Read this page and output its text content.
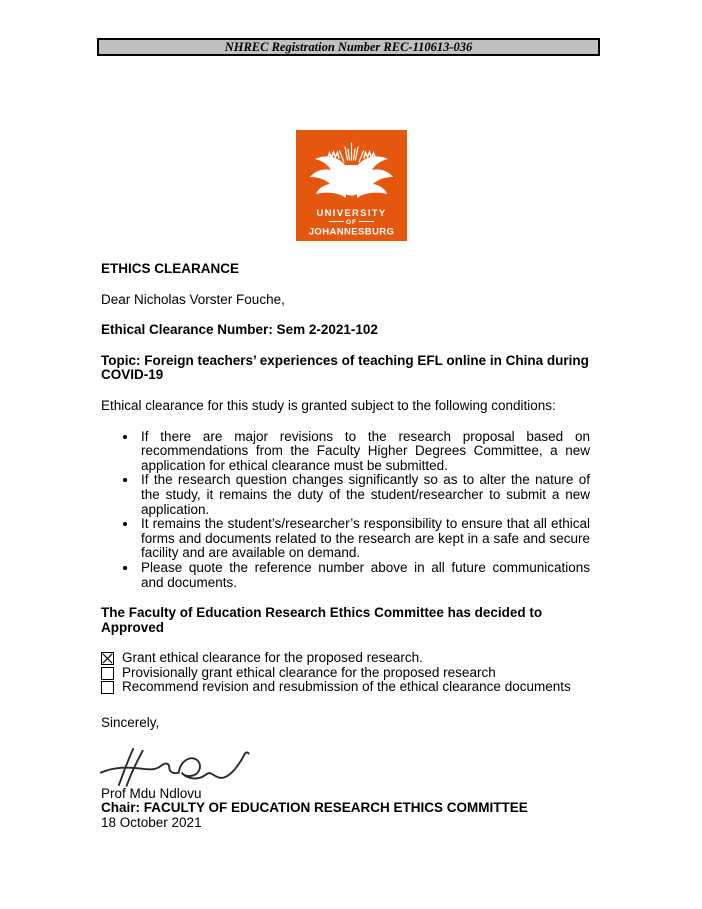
NHREC Registration Number REC-110613-036
UNIVERSITY
OF
JOHANNESBURG

ETHICS CLEARANCE

Dear Nicholas Vorster Fouche,

Ethical Clearance Number: Sem 2-2021-102

Topic: Foreign teachers’ experiences of teaching EFL online in China during COVID-19

Ethical clearance for this study is granted subject to the following conditions:

• If there are major revisions to the research proposal based on recommendations from the Faculty Higher Degrees Committee, a new application for ethical clearance must be submitted.
• If the research question changes significantly so as to alter the nature of the study, it remains the duty of the student/researcher to submit a new application.
• It remains the student’s/researcher’s responsibility to ensure that all ethical forms and documents related to the research are kept in a safe and secure facility and are available on demand.
• Please quote the reference number above in all future communications and documents.

The Faculty of Education Research Ethics Committee has decided to Approved

Grant ethical clearance for the proposed research.
Provisionally grant ethical clearance for the proposed research
Recommend revision and resubmission of the ethical clearance documents

Sincerely,

Prof Mdu Ndlovu

Chair: FACULTY OF EDUCATION RESEARCH ETHICS COMMITTEE

18 October 2021
